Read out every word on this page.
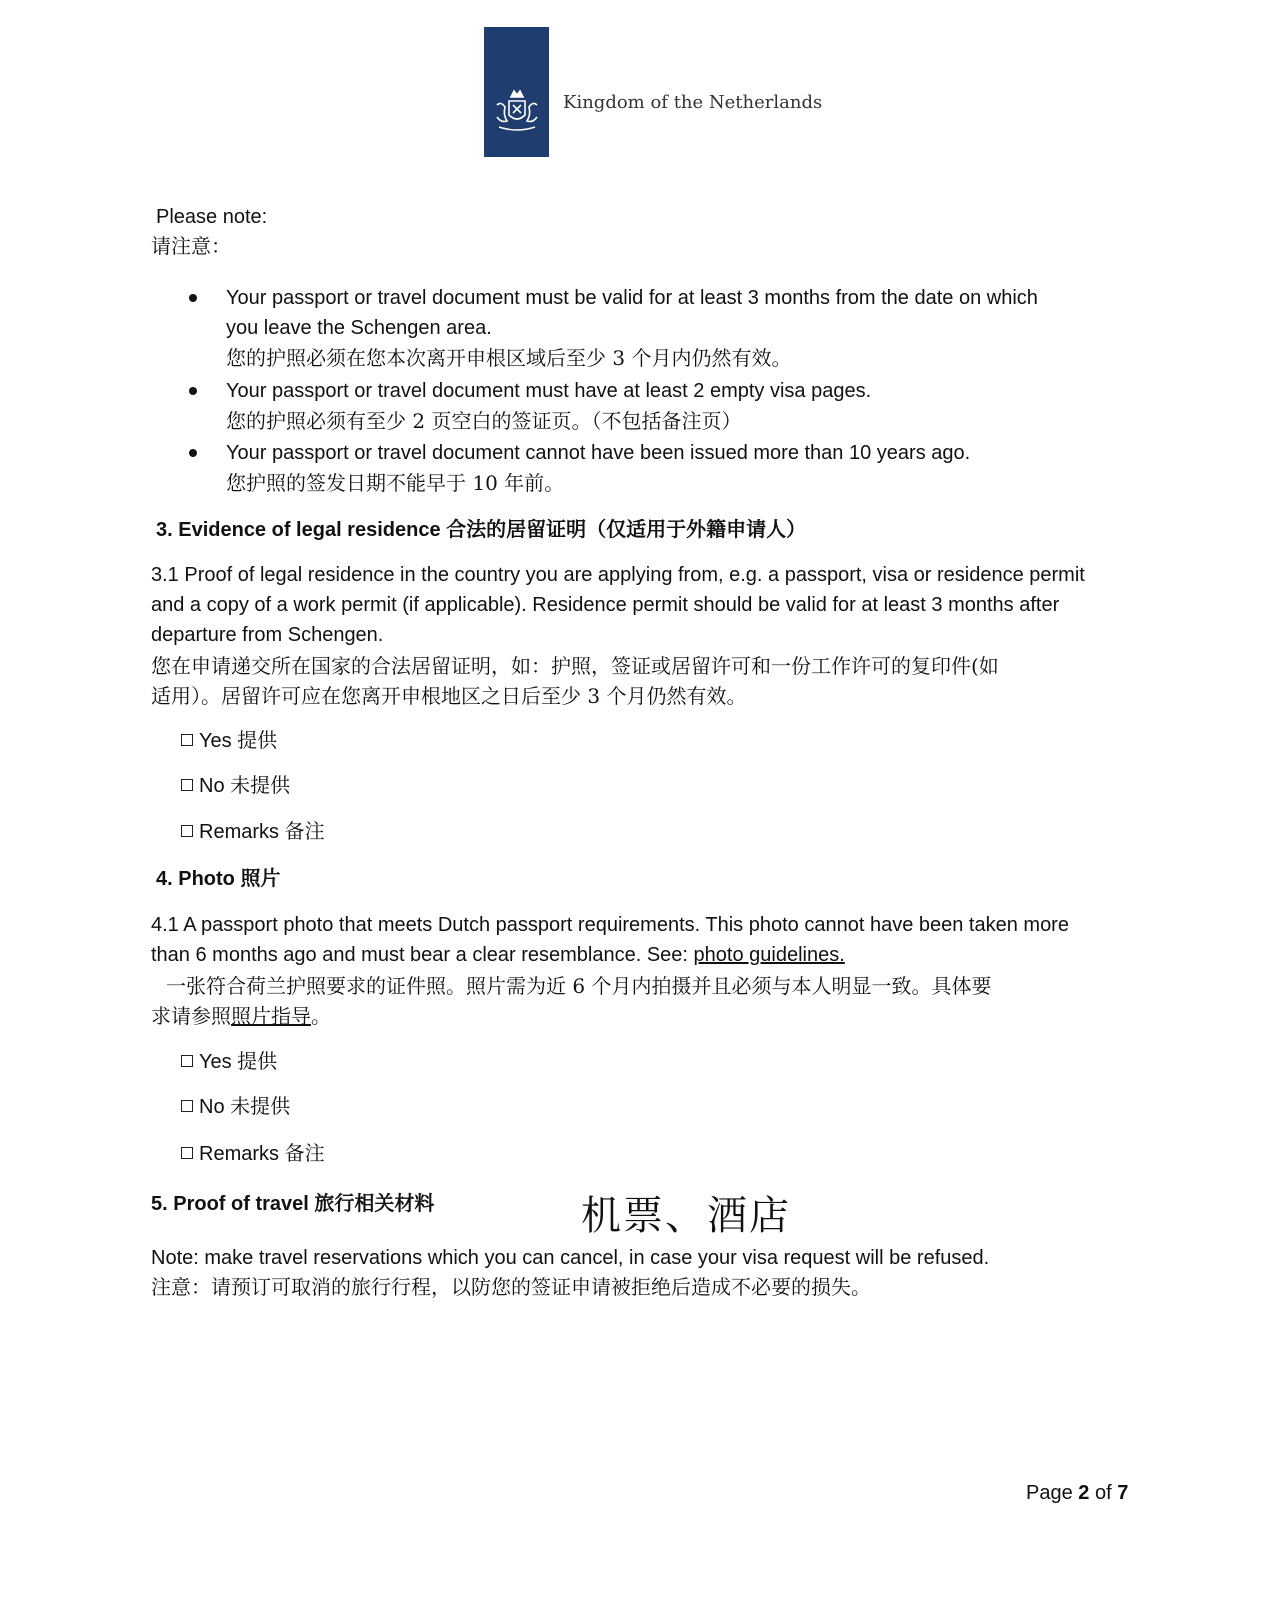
Kingdom of the Netherlands
Please note:
请注意：
Your passport or travel document must be valid for at least 3 months from the date on which
you leave the Schengen area.
您的护照必须在您本次离开申根区域后至少 3 个月内仍然有效。
Your passport or travel document must have at least 2 empty visa pages.
您的护照必须有至少 2 页空白的签证页。（不包括备注页）
Your passport or travel document cannot have been issued more than 10 years ago.
您护照的签发日期不能早于 10 年前。
3. Evidence of legal residence 合法的居留证明（仅适用于外籍申请人）
3.1 Proof of legal residence in the country you are applying from, e.g. a passport, visa or residence permit
and a copy of a work permit (if applicable). Residence permit should be valid for at least 3 months after
departure from Schengen.
您在申请递交所在国家的合法居留证明，如：护照，签证或居留许可和一份工作许可的复印件(如
适用）。居留许可应在您离开申根地区之日后至少 3 个月仍然有效。
Yes 提供
No 未提供
Remarks 备注
4. Photo 照片
4.1 A passport photo that meets Dutch passport requirements. This photo cannot have been taken more
than 6 months ago and must bear a clear resemblance. See: photo guidelines.
一张符合荷兰护照要求的证件照。照片需为近 6 个月内拍摄并且必须与本人明显一致。具体要
求请参照照片指导。
Yes 提供
No 未提供
Remarks 备注
5. Proof of travel 旅行相关材料	机票、酒店
Note: make travel reservations which you can cancel, in case your visa request will be refused.
注意：请预订可取消的旅行行程，以防您的签证申请被拒绝后造成不必要的损失。
Page 2 of 7
